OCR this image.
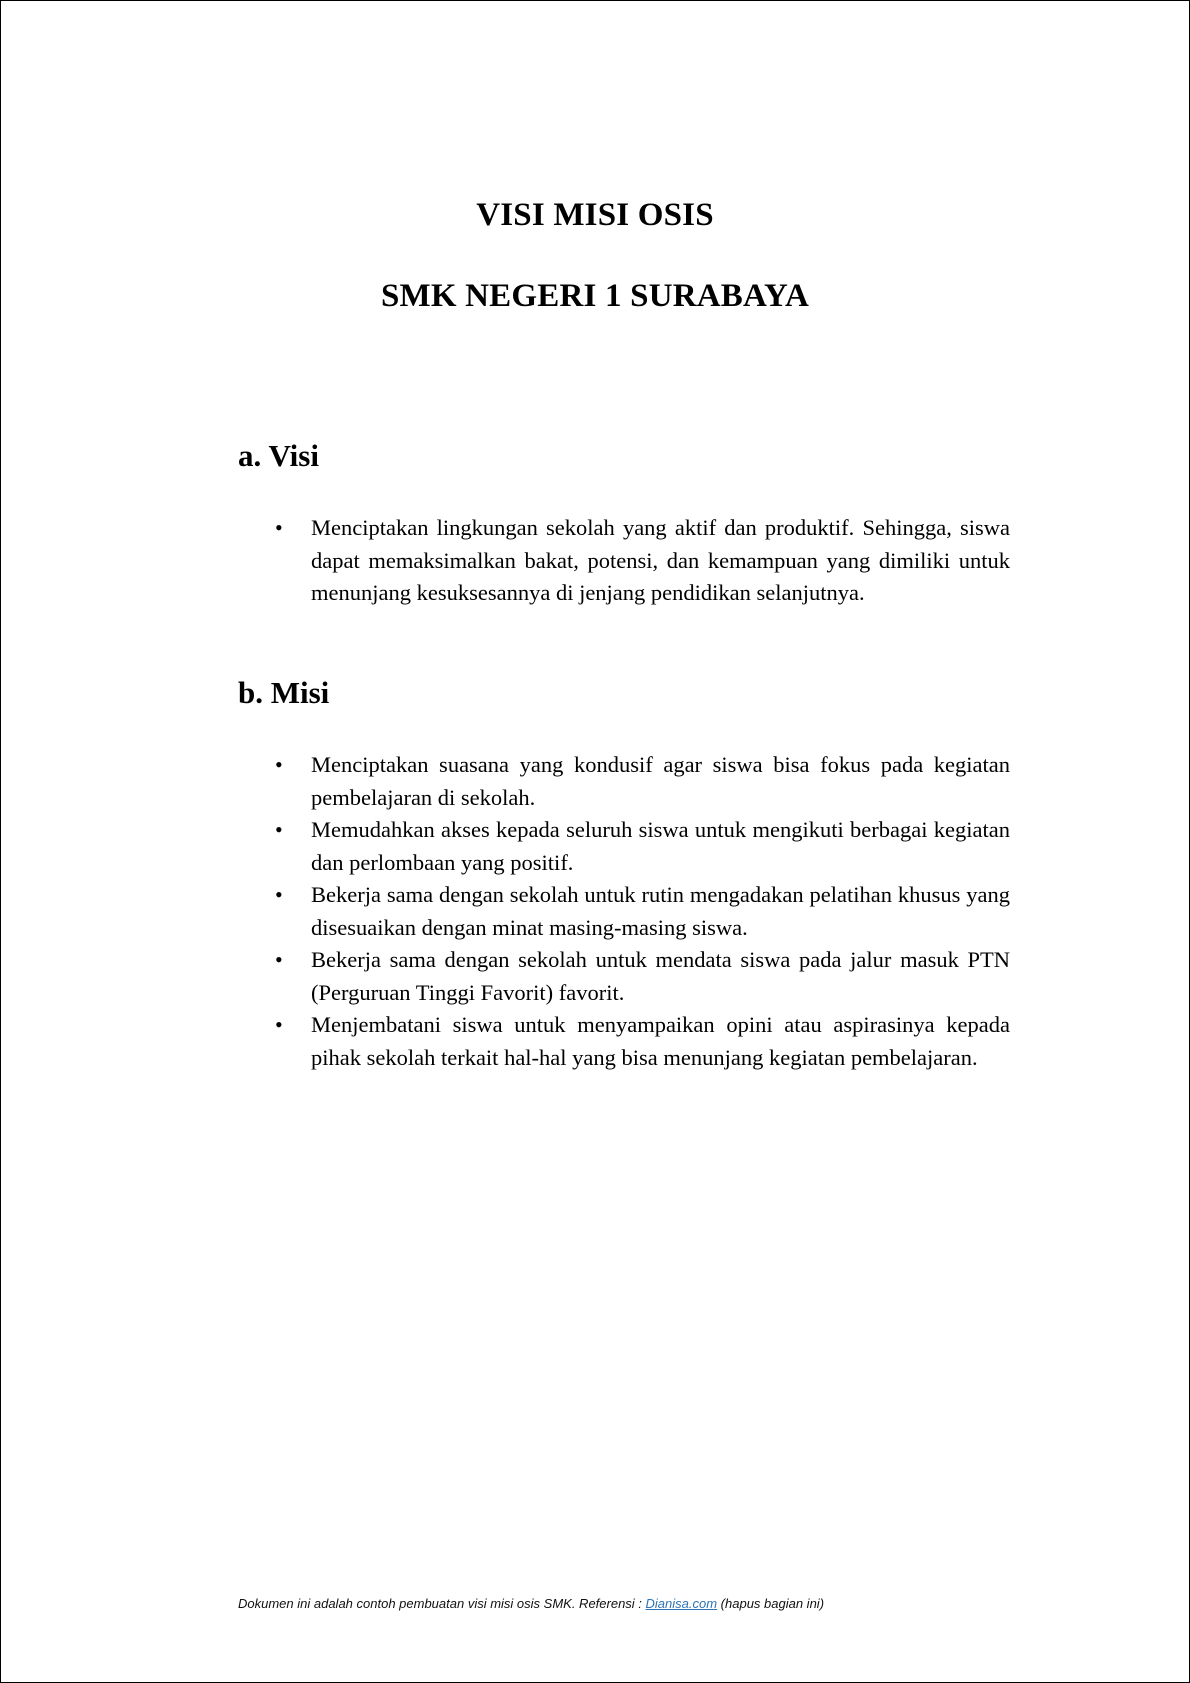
VISI MISI OSIS
SMK NEGERI 1 SURABAYA
a. Visi
• Menciptakan lingkungan sekolah yang aktif dan produktif. Sehingga, siswa dapat memaksimalkan bakat, potensi, dan kemampuan yang dimiliki untuk menunjang kesuksesannya di jenjang pendidikan selanjutnya.
b. Misi
• Menciptakan suasana yang kondusif agar siswa bisa fokus pada kegiatan pembelajaran di sekolah.
• Memudahkan akses kepada seluruh siswa untuk mengikuti berbagai kegiatan dan perlombaan yang positif.
• Bekerja sama dengan sekolah untuk rutin mengadakan pelatihan khusus yang disesuaikan dengan minat masing-masing siswa.
• Bekerja sama dengan sekolah untuk mendata siswa pada jalur masuk PTN (Perguruan Tinggi Favorit) favorit.
• Menjembatani siswa untuk menyampaikan opini atau aspirasinya kepada pihak sekolah terkait hal-hal yang bisa menunjang kegiatan pembelajaran.
Dokumen ini adalah contoh pembuatan visi misi osis SMK. Referensi : Dianisa.com (hapus bagian ini)
